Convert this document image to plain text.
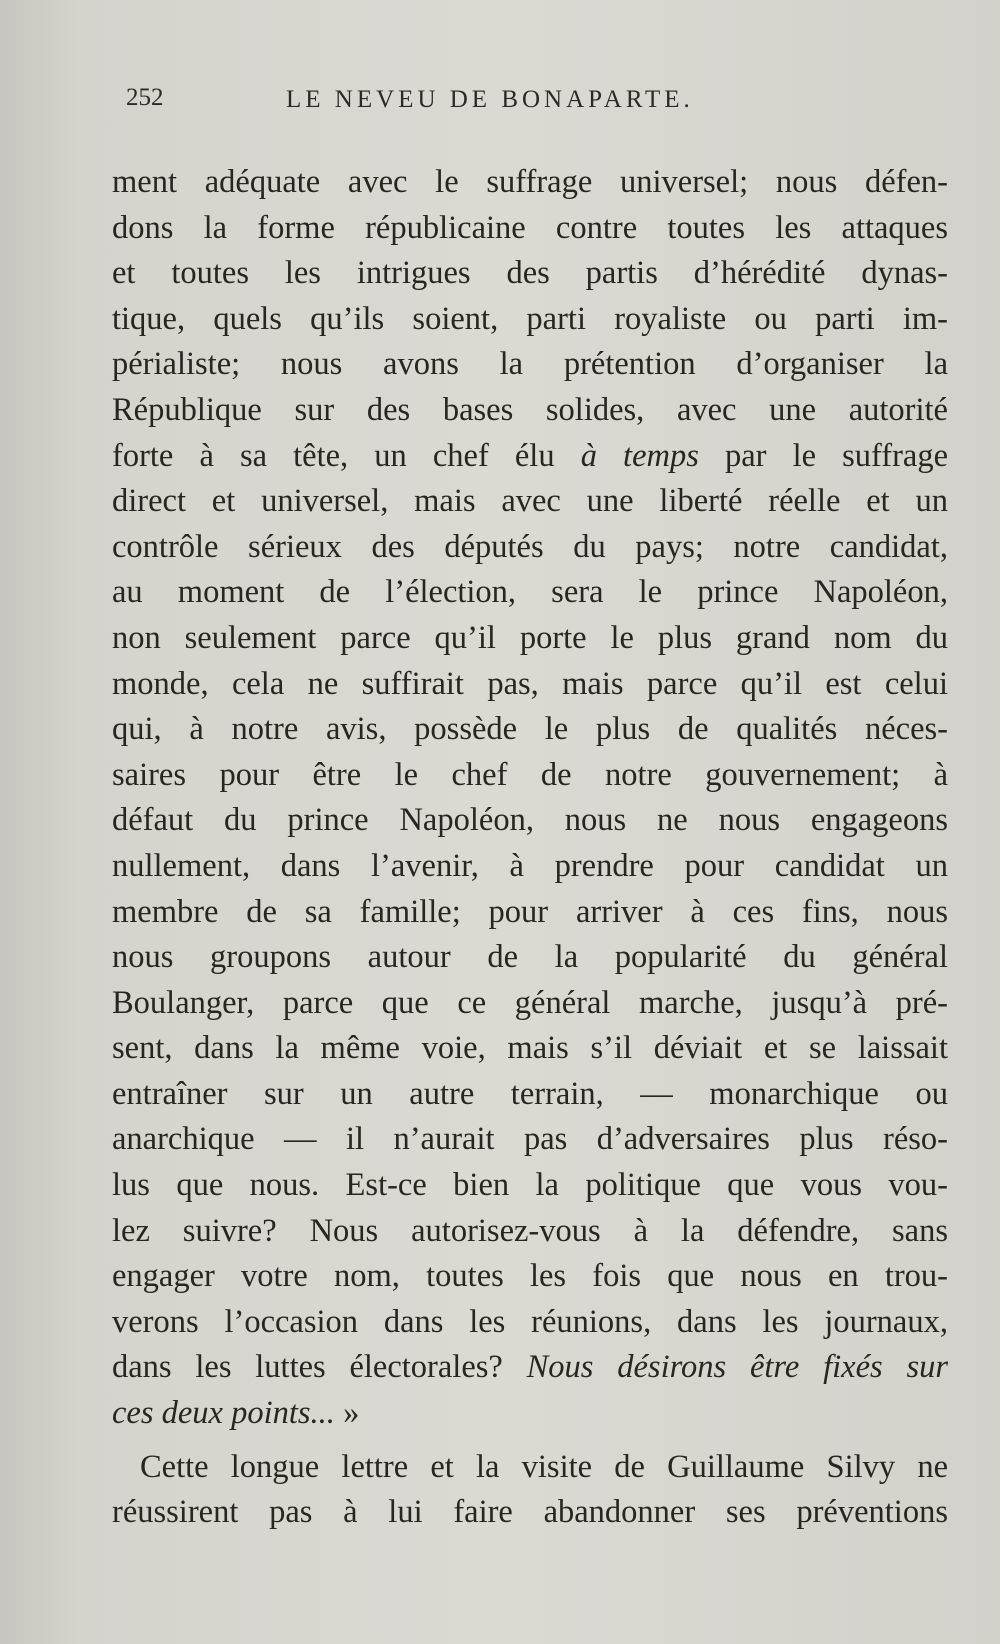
252	LE NEVEU DE BONAPARTE.
ment adéquate avec le suffrage universel; nous défen-
dons la forme républicaine contre toutes les attaques
et toutes les intrigues des partis d’hérédité dynas-
tique, quels qu’ils soient, parti royaliste ou parti im-
périaliste; nous avons la prétention d’organiser la
République sur des bases solides, avec une autorité
forte à sa tête, un chef élu à temps par le suffrage
direct et universel, mais avec une liberté réelle et un
contrôle sérieux des députés du pays; notre candidat,
au moment de l’élection, sera le prince Napoléon,
non seulement parce qu’il porte le plus grand nom du
monde, cela ne suffirait pas, mais parce qu’il est celui
qui, à notre avis, possède le plus de qualités néces-
saires pour être le chef de notre gouvernement; à
défaut du prince Napoléon, nous ne nous engageons
nullement, dans l’avenir, à prendre pour candidat un
membre de sa famille; pour arriver à ces fins, nous
nous groupons autour de la popularité du général
Boulanger, parce que ce général marche, jusqu’à pré-
sent, dans la même voie, mais s’il déviait et se laissait
entraîner sur un autre terrain, — monarchique ou
anarchique — il n’aurait pas d’adversaires plus réso-
lus que nous. Est-ce bien la politique que vous vou-
lez suivre? Nous autorisez-vous à la défendre, sans
engager votre nom, toutes les fois que nous en trou-
verons l’occasion dans les réunions, dans les journaux,
dans les luttes électorales? Nous désirons être fixés sur
ces deux points... »
Cette longue lettre et la visite de Guillaume Silvy ne
réussirent pas à lui faire abandonner ses préventions
